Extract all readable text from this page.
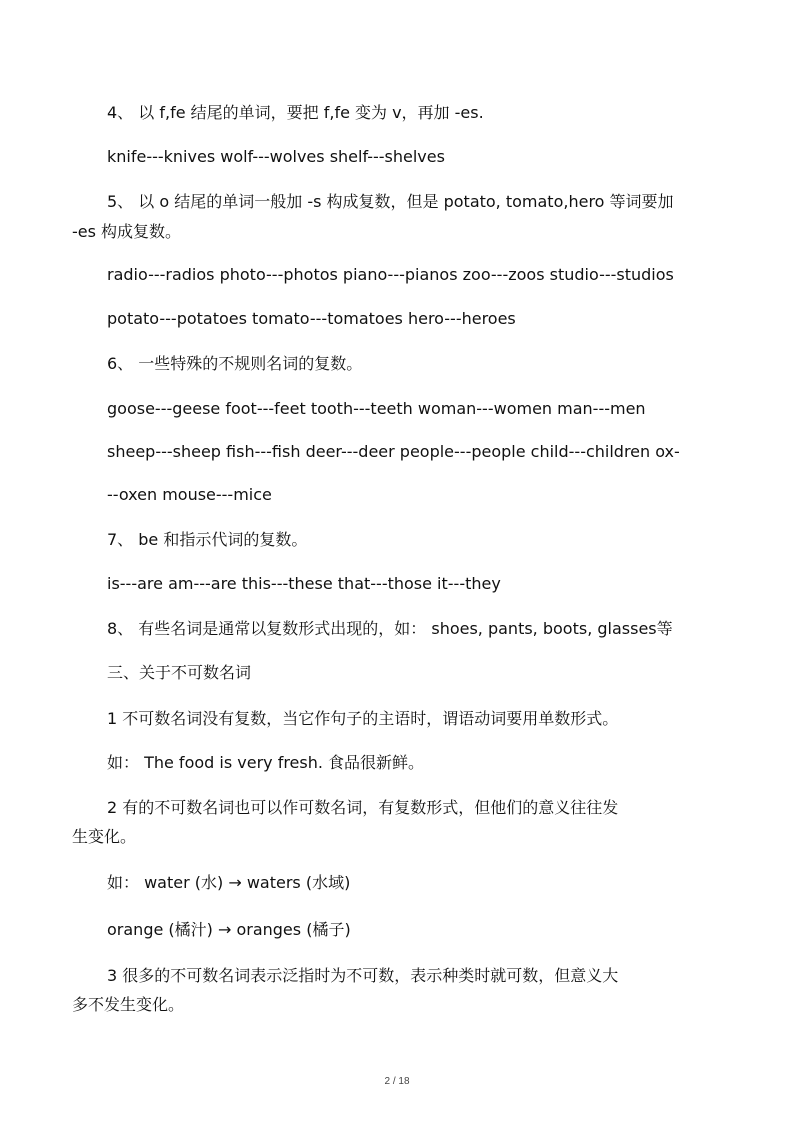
4、 以 f,fe 结尾的单词，要把 f,fe 变为 v，再加 -es.
knife---knives wolf---wolves shelf---shelves
5、 以 o 结尾的单词一般加 -s 构成复数，但是 potato, tomato,hero 等词要加
-es 构成复数。
radio---radios photo---photos piano---pianos zoo---zoos studio---studios
potato---potatoes tomato---tomatoes hero---heroes
6、 一些特殊的不规则名词的复数。
goose---geese foot---feet tooth---teeth woman---women man---men
sheep---sheep fish---fish deer---deer people---people child---children ox-
--oxen mouse---mice
7、 be 和指示代词的复数。
is---are am---are this---these that---those it---they
8、 有些名词是通常以复数形式出现的，如： shoes, pants, boots, glasses等
三、关于不可数名词
1 不可数名词没有复数，当它作句子的主语时，谓语动词要用单数形式。
如： The food is very fresh. 食品很新鲜。
2 有的不可数名词也可以作可数名词，有复数形式，但他们的意义往往发
生变化。
如： water (水) → waters (水域)
orange (橘汁) → oranges (橘子)
3 很多的不可数名词表示泛指时为不可数，表示种类时就可数，但意义大
多不发生变化。
2 / 18
